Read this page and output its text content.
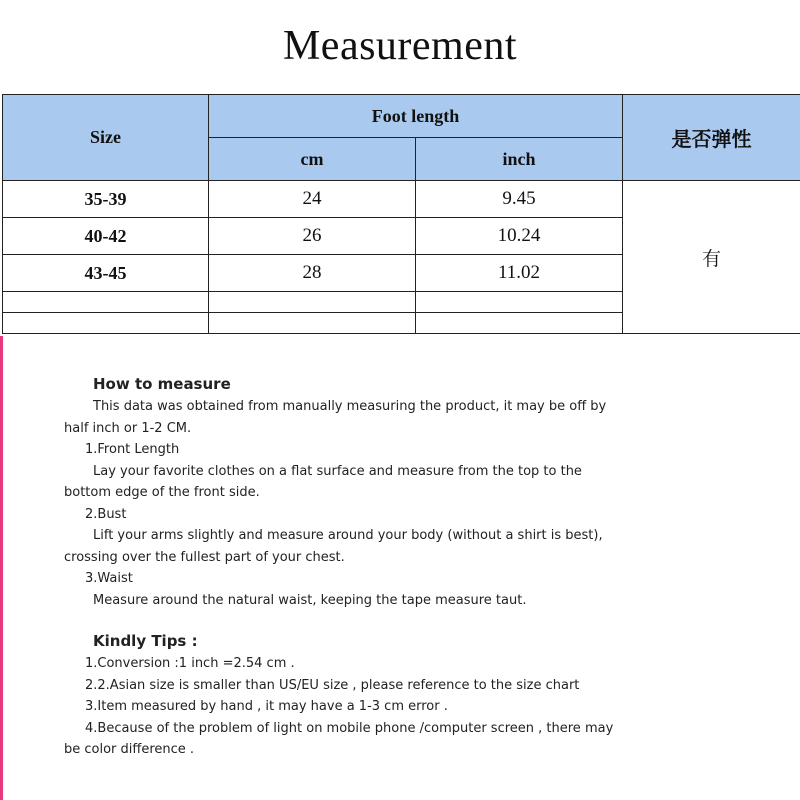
Measurement
Size	Foot length		是否弹性
	cm	inch	
35-39	24	9.45	有
40-42	26	10.24	
43-45	28	11.02	

How to measure
This data was obtained from manually measuring the product, it may be off by
half inch or 1-2 CM.
1.Front Length
Lay your favorite clothes on a flat surface and measure from the top to the
bottom edge of the front side.
2.Bust
Lift your arms slightly and measure around your body (without a shirt is best),
crossing over the fullest part of your chest.
3.Waist
Measure around the natural waist, keeping the tape measure taut.
Kindly Tips :
1.Conversion :1 inch =2.54 cm .
2.2.Asian size is smaller than US/EU size , please reference to the size chart
3.Item measured by hand , it may have a 1-3 cm error .
4.Because of the problem of light on mobile phone /computer screen , there may
be color difference .
